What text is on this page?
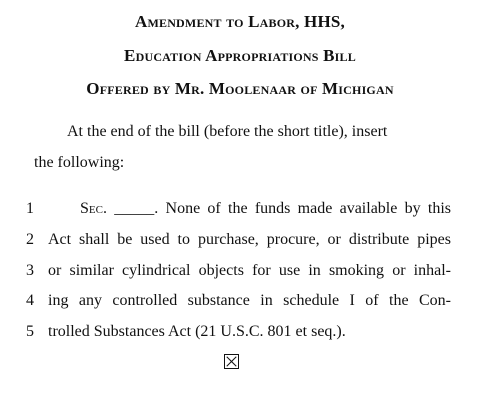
Amendment to Labor, HHS,
Education Appropriations Bill
Offered by Mr. Moolenaar of Michigan
At the end of the bill (before the short title), insert
the following:
1	Sec. _____. None of the funds made available by this
2 Act shall be used to purchase, procure, or distribute pipes
3 or similar cylindrical objects for use in smoking or inhal-
4 ing any controlled substance in schedule I of the Con-
5 trolled Substances Act (21 U.S.C. 801 et seq.).
